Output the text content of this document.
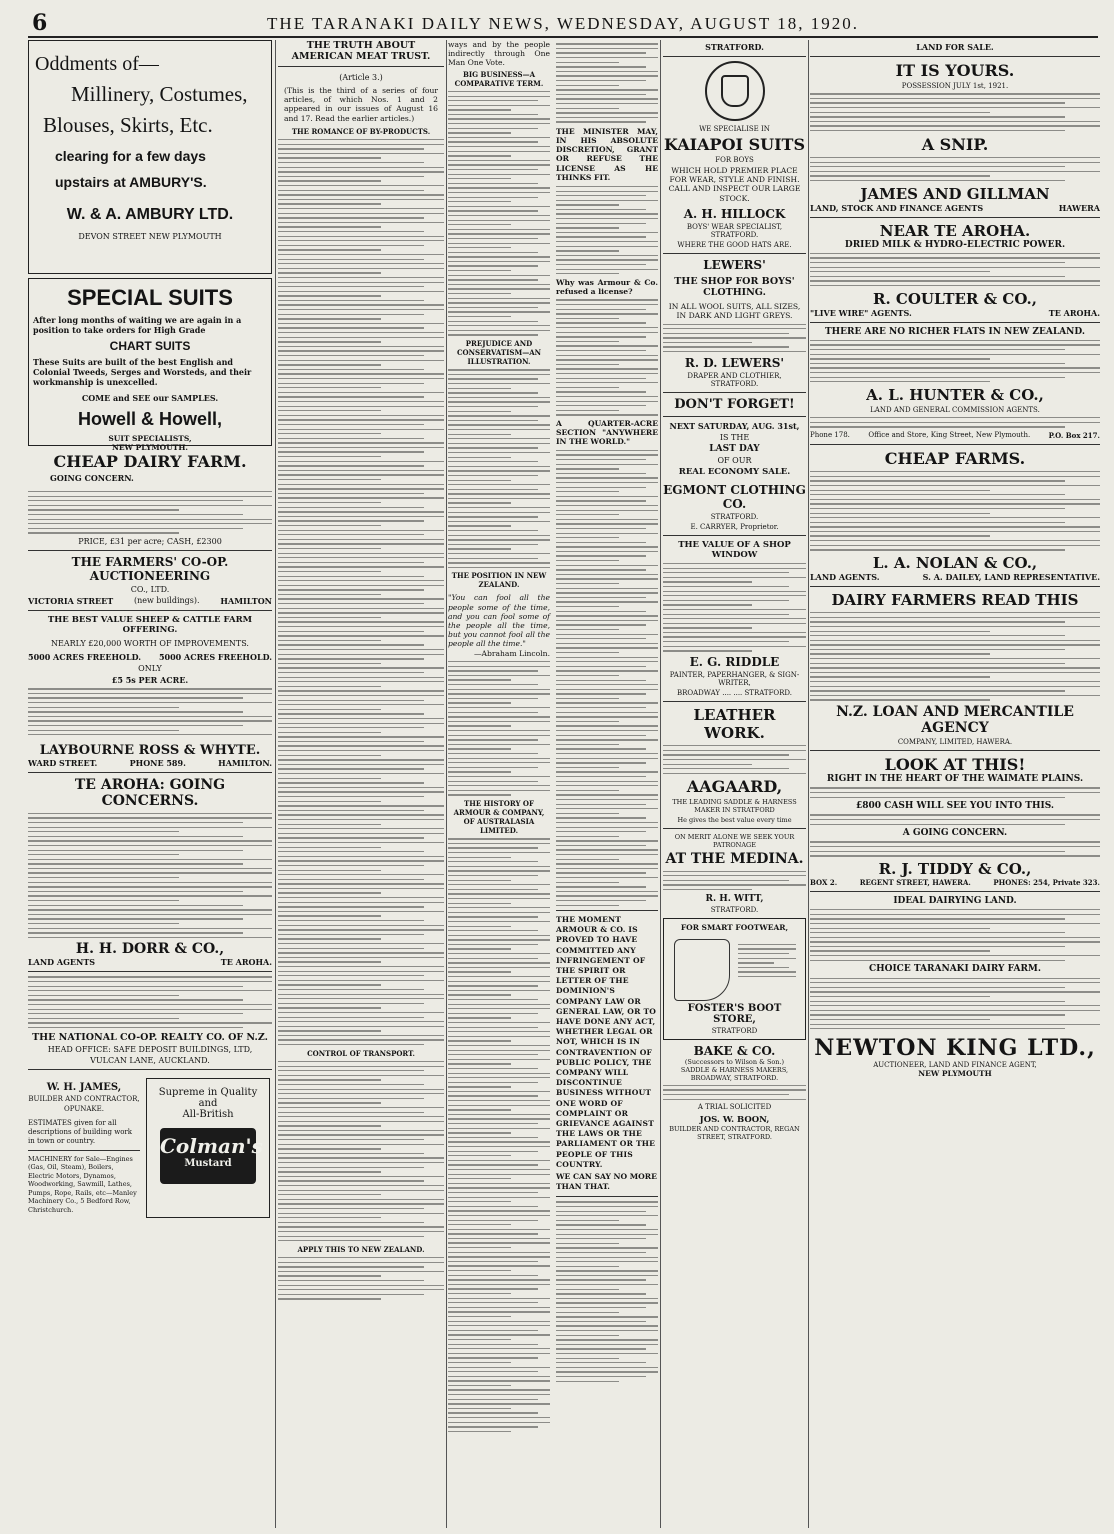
6	THE TARANAKI DAILY NEWS, WEDNESDAY, AUGUST 18, 1920.
Oddments of—
Millinery, Costumes,
Blouses, Skirts, Etc.
clearing for a few days
upstairs at AMBURY'S.
W. & A. AMBURY LTD.
DEVON STREET NEW PLYMOUTH
SPECIAL SUITS
After long months of waiting we are again in a position to take orders for High Grade
CHART SUITS
These Suits are built of the best English and Colonial Tweeds, Serges and Worsteds, and their workmanship is unexcelled.
COME and SEE our SAMPLES.
Howell & Howell,
SUIT SPECIALISTS,
NEW PLYMOUTH.
CHEAP DAIRY FARM.
GOING CONCERN.
PRICE, £31 per acre; CASH, £2300
THE FARMERS' CO-OP. AUCTIONEERING
CO., LTD.
VICTORIA STREET	(new buildings).	HAMILTON
THE BEST VALUE SHEEP & CATTLE FARM OFFERING.
NEARLY £20,000 WORTH OF IMPROVEMENTS.
5000 ACRES FREEHOLD. 5000 ACRES FREEHOLD.
ONLY
£5 5s PER ACRE.
LAYBOURNE ROSS & WHYTE.
WARD STREET.	PHONE 589.	HAMILTON.
TE AROHA: GOING CONCERNS.
H. H. DORR & CO.,
LAND AGENTS	TE AROHA.
THE NATIONAL CO-OP. REALTY CO. OF N.Z.
HEAD OFFICE: SAFE DEPOSIT BUILDINGS, LTD,
VULCAN LANE, AUCKLAND.
W. H. JAMES,
BUILDER AND CONTRACTOR,
OPUNAKE.
ESTIMATES given for all descriptions of building work in town or country.
MACHINERY for Sale—Engines (Gas, Oil, Steam), Boilers, Electric Motors, Dynamos, Woodworking, Sawmill, Lathes, Pumps, Rope, Rails, etc—Manley Machinery Co., 5 Bedford Row, Christchurch.
Supreme in Quality
and
All-British
Colman's
Mustard
THE TRUTH ABOUT AMERICAN MEAT TRUST.
(Article 3.)
(This is the third of a series of four articles, of which Nos. 1 and 2 appeared in our issues of August 16 and 17. Read the earlier articles.)
THE ROMANCE OF BY-PRODUCTS.
CONTROL OF TRANSPORT.
APPLY THIS TO NEW ZEALAND.
ways and by the people indirectly through One Man One Vote.
BIG BUSINESS—A COMPARATIVE TERM.
PREJUDICE AND CONSERVATISM—AN ILLUSTRATION.
THE POSITION IN NEW ZEALAND.
"You can fool all the people some of the time, and you can fool some of the people all the time, but you cannot fool all the people all the time."
—Abraham Lincoln.
THE HISTORY OF ARMOUR & COMPANY, OF AUSTRALASIA LIMITED.
THE MINISTER MAY, IN HIS ABSOLUTE DISCRETION, GRANT OR REFUSE THE LICENSE AS HE THINKS FIT.
Why was Armour & Co. refused a license?
A QUARTER-ACRE SECTION "ANYWHERE IN THE WORLD."
THE MOMENT ARMOUR & CO. IS PROVED TO HAVE COMMITTED ANY INFRINGEMENT OF THE SPIRIT OR LETTER OF THE DOMINION'S COMPANY LAW OR GENERAL LAW, OR TO HAVE DONE ANY ACT, WHETHER LEGAL OR NOT, WHICH IS IN CONTRAVENTION OF PUBLIC POLICY, THE COMPANY WILL DISCONTINUE BUSINESS WITHOUT ONE WORD OF COMPLAINT OR GRIEVANCE AGAINST THE LAWS OR THE PARLIAMENT OR THE PEOPLE OF THIS COUNTRY.
WE CAN SAY NO MORE THAN THAT.
STRATFORD.
WE SPECIALISE IN
KAIAPOI SUITS
FOR BOYS
WHICH HOLD PREMIER PLACE FOR WEAR, STYLE AND FINISH. CALL AND INSPECT OUR LARGE STOCK.
A. H. HILLOCK
BOYS' WEAR SPECIALIST, STRATFORD.
WHERE THE GOOD HATS ARE.
LEWERS'
THE SHOP FOR BOYS'
CLOTHING.
IN ALL WOOL SUITS, ALL SIZES, IN DARK AND LIGHT GREYS.
R. D. LEWERS'
DRAPER AND CLOTHIER, STRATFORD.
DON'T FORGET!
NEXT SATURDAY, AUG. 31st,
IS THE
LAST DAY
OF OUR
REAL ECONOMY SALE.
EGMONT CLOTHING CO.
STRATFORD.
E. CARRYER, Proprietor.
THE VALUE OF A SHOP WINDOW
E. G. RIDDLE
PAINTER, PAPERHANGER, & SIGN-WRITER,
BROADWAY .... .... STRATFORD.
LEATHER WORK.
AAGAARD,
THE LEADING SADDLE & HARNESS MAKER IN STRATFORD
He gives the best value every time
ON MERIT ALONE WE SEEK YOUR PATRONAGE
AT THE MEDINA.
R. H. WITT,
STRATFORD.
FOR SMART FOOTWEAR,
FOSTER'S BOOT STORE,
STRATFORD
BAKE & CO.
(Successors to Wilson & Son.)
SADDLE & HARNESS MAKERS, BROADWAY, STRATFORD.
A TRIAL SOLICITED
JOS. W. BOON,
BUILDER AND CONTRACTOR, REGAN STREET, STRATFORD.
LAND FOR SALE.
IT IS YOURS.
POSSESSION JULY 1st, 1921.
A SNIP.
JAMES AND GILLMAN
LAND, STOCK AND FINANCE AGENTS	HAWERA
NEAR TE AROHA.
DRIED MILK & HYDRO-ELECTRIC POWER.
R. COULTER & CO.,
"LIVE WIRE" AGENTS.	TE AROHA.
THERE ARE NO RICHER FLATS IN NEW ZEALAND.
A. L. HUNTER & CO.,
LAND AND GENERAL COMMISSION AGENTS.
Phone 178.	Office and Store, King Street, New Plymouth.	P.O. Box 217.
CHEAP FARMS.
L. A. NOLAN & CO.,
LAND AGENTS.	S. A. DAILEY, LAND REPRESENTATIVE.
DAIRY FARMERS READ THIS
N.Z. LOAN AND MERCANTILE AGENCY
COMPANY, LIMITED, HAWERA.
LOOK AT THIS!
RIGHT IN THE HEART OF THE WAIMATE PLAINS.
£800 CASH WILL SEE YOU INTO THIS.
A GOING CONCERN.
R. J. TIDDY & CO.,
BOX 2.	REGENT STREET, HAWERA.	PHONES: 254, Private 323.
IDEAL DAIRYING LAND.
CHOICE TARANAKI DAIRY FARM.
NEWTON KING LTD.,
AUCTIONEER, LAND AND FINANCE AGENT,
NEW PLYMOUTH
